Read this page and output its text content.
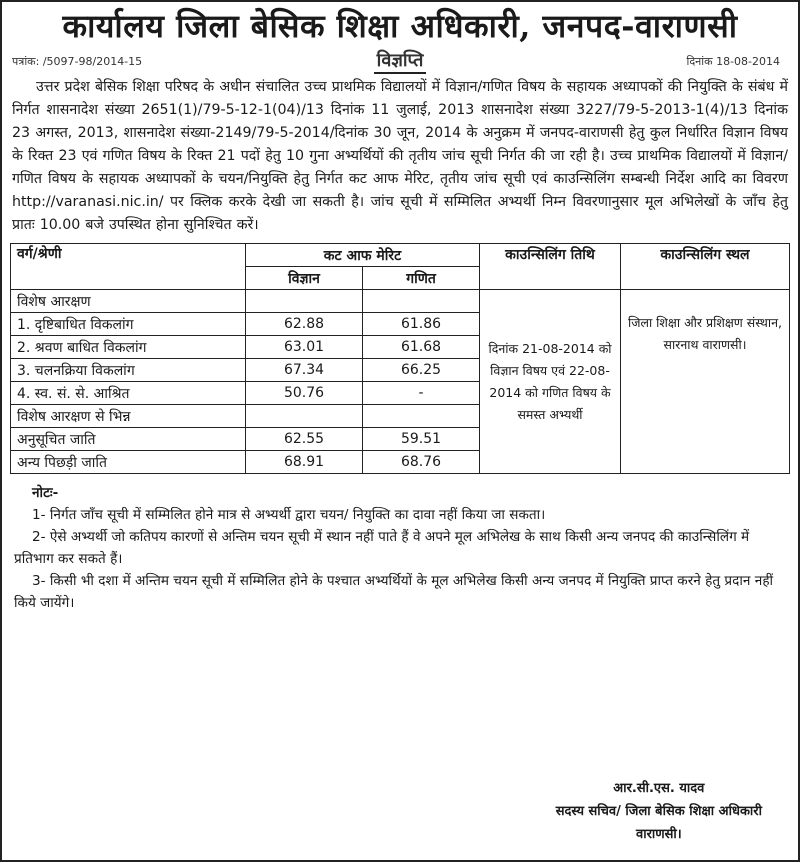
कार्यालय जिला बेसिक शिक्षा अधिकारी, जनपद-वाराणसी
पत्रांक: /5097-98/2014-15	विज्ञप्ति	दिनांक 18-08-2014
उत्तर प्रदेश बेसिक शिक्षा परिषद के अधीन संचालित उच्च प्राथमिक विद्यालयों में विज्ञान/गणित विषय के सहायक अध्यापकों की नियुक्ति के संबंध में निर्गत शासनादेश संख्या 2651(1)/79-5-12-1(04)/13 दिनांक 11 जुलाई, 2013 शासनादेश संख्या 3227/79-5-2013-1(4)/13 दिनांक 23 अगस्त, 2013, शासनादेश संख्या-2149/79-5-2014/दिनांक 30 जून, 2014 के अनुक्रम में जनपद-वाराणसी हेतु कुल निर्धारित विज्ञान विषय के रिक्त 23 एवं गणित विषय के रिक्त 21 पदों हेतु 10 गुना अभ्यर्थियों की तृतीय जांच सूची निर्गत की जा रही है। उच्च प्राथमिक विद्यालयों में विज्ञान/गणित विषय के सहायक अध्यापकों के चयन/नियुक्ति हेतु निर्गत कट आफ मेरिट, तृतीय जांच सूची एवं काउन्सिलिंग सम्बन्धी निर्देश आदि का विवरण http://varanasi.nic.in/ पर क्लिक करके देखी जा सकती है। जांच सूची में सम्मिलित अभ्यर्थी निम्न विवरणानुसार मूल अभिलेखों के जाँच हेतु प्रातः 10.00 बजे उपस्थित होना सुनिश्चित करें।
वर्ग/श्रेणी	कट आफ मेरिट		काउन्सिलिंग तिथि	काउन्सिलिंग स्थल
	विज्ञान	गणित		
विशेष आरक्षण			दिनांक 21-08-2014 को विज्ञान विषय एवं 22-08-2014 को गणित विषय के समस्त अभ्यर्थी	जिला शिक्षा और प्रशिक्षण संस्थान, सारनाथ वाराणसी।
1. दृष्टिबाधित विकलांग	62.88	61.86		
2. श्रवण बाधित विकलांग	63.01	61.68		
3. चलनक्रिया विकलांग	67.34	66.25		
4. स्व. सं. से. आश्रित	50.76	-		
विशेष आरक्षण से भिन्न				
अनुसूचित जाति	62.55	59.51		
अन्य पिछड़ी जाति	68.91	68.76		
नोटः-
1- निर्गत जाँच सूची में सम्मिलित होने मात्र से अभ्यर्थी द्वारा चयन/ नियुक्ति का दावा नहीं किया जा सकता।
2- ऐसे अभ्यर्थी जो कतिपय कारणों से अन्तिम चयन सूची में स्थान नहीं पाते हैं वे अपने मूल अभिलेख के साथ किसी अन्य जनपद की काउन्सिलिंग में प्रतिभाग कर सकते हैं।
3- किसी भी दशा में अन्तिम चयन सूची में सम्मिलित होने के पश्चात अभ्यर्थियों के मूल अभिलेख किसी अन्य जनपद में नियुक्ति प्राप्त करने हेतु प्रदान नहीं किये जायेंगे।
आर.सी.एस. यादव
सदस्य सचिव/ जिला बेसिक शिक्षा अधिकारी
वाराणसी।
